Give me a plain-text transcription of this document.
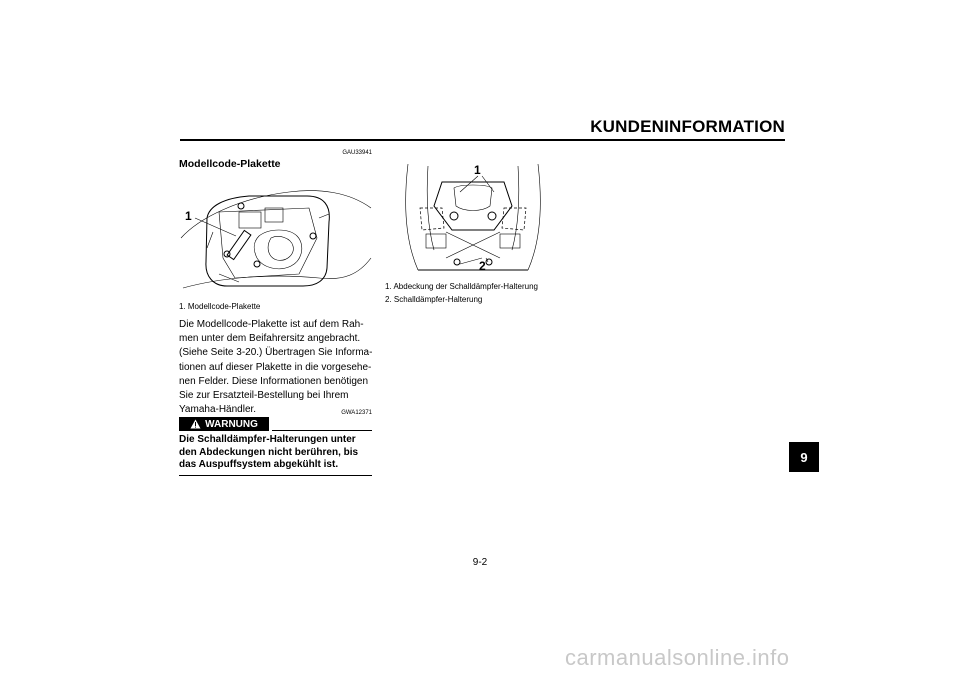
KUNDENINFORMATION
GAU33941
Modellcode-Plakette
1
1. Modellcode-Plakette
Die Modellcode-Plakette ist auf dem Rah-
men unter dem Beifahrersitz angebracht.
(Siehe Seite 3-20.) Übertragen Sie Informa-
tionen auf dieser Plakette in die vorgesehe-
nen Felder. Diese Informationen benötigen
Sie zur Ersatzteil-Bestellung bei Ihrem
Yamaha-Händler.	GWA12371
WARNUNG
Die Schalldämpfer-Halterungen unter
den Abdeckungen nicht berühren, bis
das Auspuffsystem abgekühlt ist.
1
2
1. Abdeckung der Schalldämpfer-Halterung
2. Schalldämpfer-Halterung
9
9-2
carmanualsonline.info
